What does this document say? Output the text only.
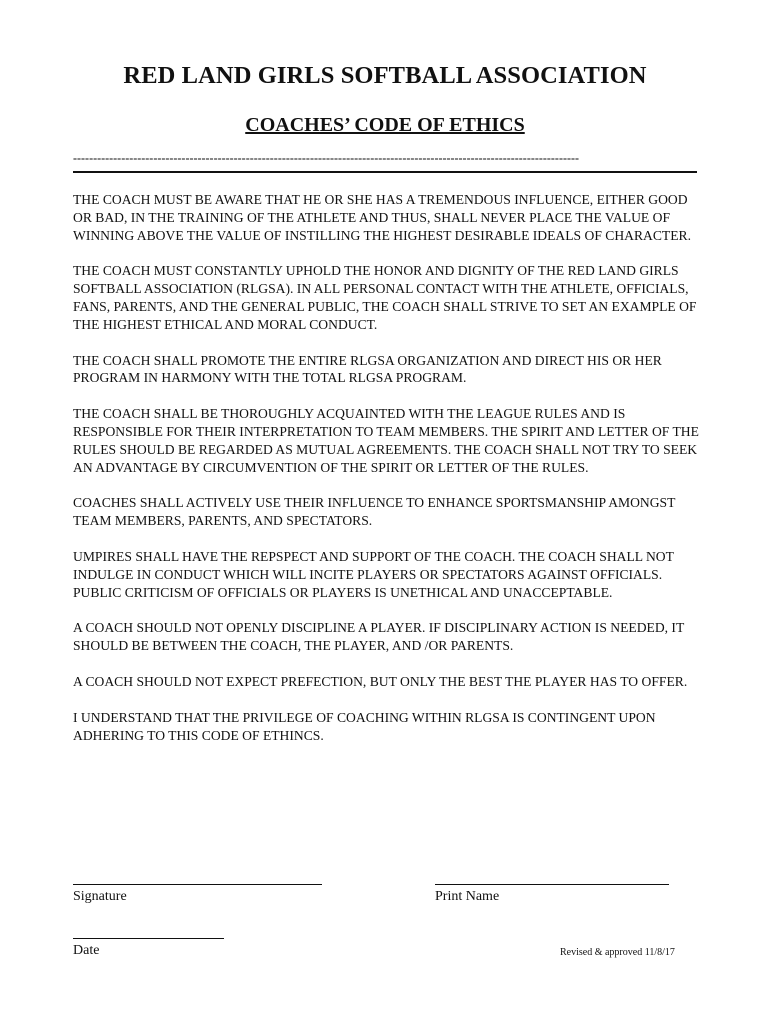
RED LAND GIRLS SOFTBALL ASSOCIATION
COACHES’ CODE OF ETHICS
------------------------------------------------------------------------------------------------------------------------------

THE COACH MUST BE AWARE THAT HE OR SHE HAS A TREMENDOUS INFLUENCE, EITHER GOOD OR BAD, IN THE TRAINING OF THE ATHLETE AND THUS, SHALL NEVER PLACE THE VALUE OF WINNING ABOVE THE VALUE OF INSTILLING THE HIGHEST DESIRABLE IDEALS OF CHARACTER.

THE COACH MUST CONSTANTLY UPHOLD THE HONOR AND DIGNITY OF THE RED LAND GIRLS SOFTBALL ASSOCIATION (RLGSA). IN ALL PERSONAL CONTACT WITH THE ATHLETE, OFFICIALS, FANS, PARENTS, AND THE GENERAL PUBLIC, THE COACH SHALL STRIVE TO SET AN EXAMPLE OF THE HIGHEST ETHICAL AND MORAL CONDUCT.

THE COACH SHALL PROMOTE THE ENTIRE RLGSA ORGANIZATION AND DIRECT HIS OR HER PROGRAM IN HARMONY WITH THE TOTAL RLGSA PROGRAM.

THE COACH SHALL BE THOROUGHLY ACQUAINTED WITH THE LEAGUE RULES AND IS RESPONSIBLE FOR THEIR INTERPRETATION TO TEAM MEMBERS. THE SPIRIT AND LETTER OF THE RULES SHOULD BE REGARDED AS MUTUAL AGREEMENTS. THE COACH SHALL NOT TRY TO SEEK AN ADVANTAGE BY CIRCUMVENTION OF THE SPIRIT OR LETTER OF THE RULES.

COACHES SHALL ACTIVELY USE THEIR INFLUENCE TO ENHANCE SPORTSMANSHIP AMONGST TEAM MEMBERS, PARENTS, AND SPECTATORS.

UMPIRES SHALL HAVE THE REPSPECT AND SUPPORT OF THE COACH. THE COACH SHALL NOT INDULGE IN CONDUCT WHICH WILL INCITE PLAYERS OR SPECTATORS AGAINST OFFICIALS. PUBLIC CRITICISM OF OFFICIALS OR PLAYERS IS UNETHICAL AND UNACCEPTABLE.

A COACH SHOULD NOT OPENLY DISCIPLINE A PLAYER. IF DISCIPLINARY ACTION IS NEEDED, IT SHOULD BE BETWEEN THE COACH, THE PLAYER, AND /OR PARENTS.

A COACH SHOULD NOT EXPECT PREFECTION, BUT ONLY THE BEST THE PLAYER HAS TO OFFER.

I UNDERSTAND THAT THE PRIVILEGE OF COACHING WITHIN RLGSA IS CONTINGENT UPON ADHERING TO THIS CODE OF ETHINCS.

Signature	Print Name
Date	Revised & approved 11/8/17
